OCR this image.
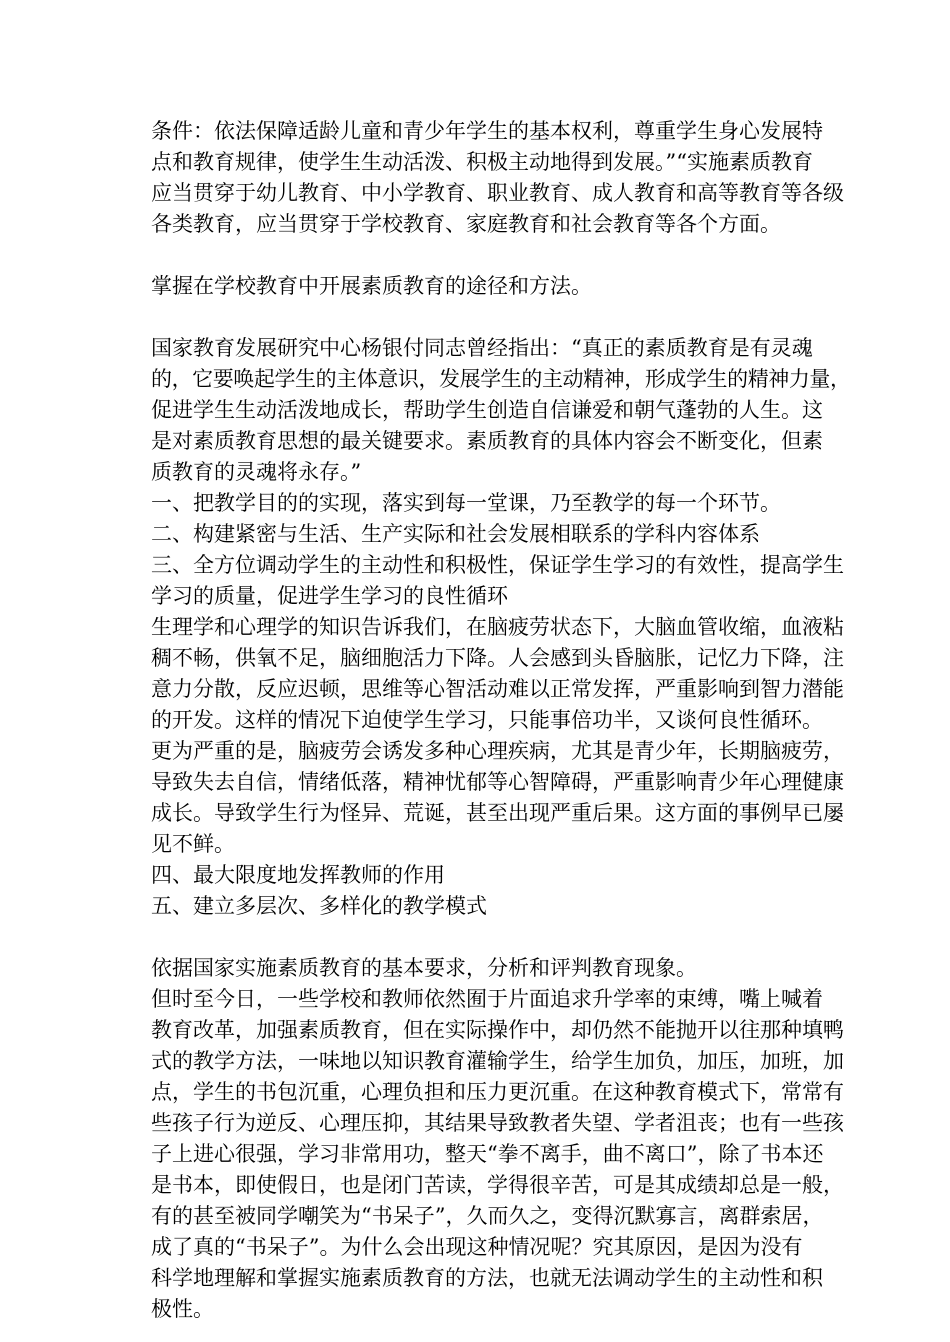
条件：依法保障适龄儿童和青少年学生的基本权利，尊重学生身心发展特
点和教育规律，使学生生动活泼、积极主动地得到发展。”“实施素质教育
应当贯穿于幼儿教育、中小学教育、职业教育、成人教育和高等教育等各级
各类教育，应当贯穿于学校教育、家庭教育和社会教育等各个方面。
掌握在学校教育中开展素质教育的途径和方法。
国家教育发展研究中心杨银付同志曾经指出：“真正的素质教育是有灵魂
的，它要唤起学生的主体意识，发展学生的主动精神，形成学生的精神力量，
促进学生生动活泼地成长，帮助学生创造自信谦爱和朝气蓬勃的人生。这
是对素质教育思想的最关键要求。素质教育的具体内容会不断变化，但素
质教育的灵魂将永存。”
一、把教学目的的实现，落实到每一堂课，乃至教学的每一个环节。
二、构建紧密与生活、生产实际和社会发展相联系的学科内容体系
三、全方位调动学生的主动性和积极性，保证学生学习的有效性，提高学生
学习的质量，促进学生学习的良性循环
生理学和心理学的知识告诉我们，在脑疲劳状态下，大脑血管收缩，血液粘
稠不畅，供氧不足，脑细胞活力下降。人会感到头昏脑胀，记忆力下降，注
意力分散，反应迟顿，思维等心智活动难以正常发挥，严重影响到智力潜能
的开发。这样的情况下迫使学生学习，只能事倍功半，又谈何良性循环。
更为严重的是，脑疲劳会诱发多种心理疾病，尤其是青少年，长期脑疲劳，
导致失去自信，情绪低落，精神忧郁等心智障碍，严重影响青少年心理健康
成长。导致学生行为怪异、荒诞，甚至出现严重后果。这方面的事例早已屡
见不鲜。
四、最大限度地发挥教师的作用
五、建立多层次、多样化的教学模式
依据国家实施素质教育的基本要求，分析和评判教育现象。
但时至今日，一些学校和教师依然囿于片面追求升学率的束缚，嘴上喊着
教育改革，加强素质教育，但在实际操作中，却仍然不能抛开以往那种填鸭
式的教学方法，一味地以知识教育灌输学生，给学生加负，加压，加班，加
点，学生的书包沉重，心理负担和压力更沉重。在这种教育模式下，常常有
些孩子行为逆反、心理压抑，其结果导致教者失望、学者沮丧；也有一些孩
子上进心很强，学习非常用功，整天“拳不离手，曲不离口”，除了书本还
是书本，即使假日，也是闭门苦读，学得很辛苦，可是其成绩却总是一般，
有的甚至被同学嘲笑为“书呆子”，久而久之，变得沉默寡言，离群索居，
成了真的“书呆子”。为什么会出现这种情况呢？究其原因，是因为没有
科学地理解和掌握实施素质教育的方法，也就无法调动学生的主动性和积
极性。
